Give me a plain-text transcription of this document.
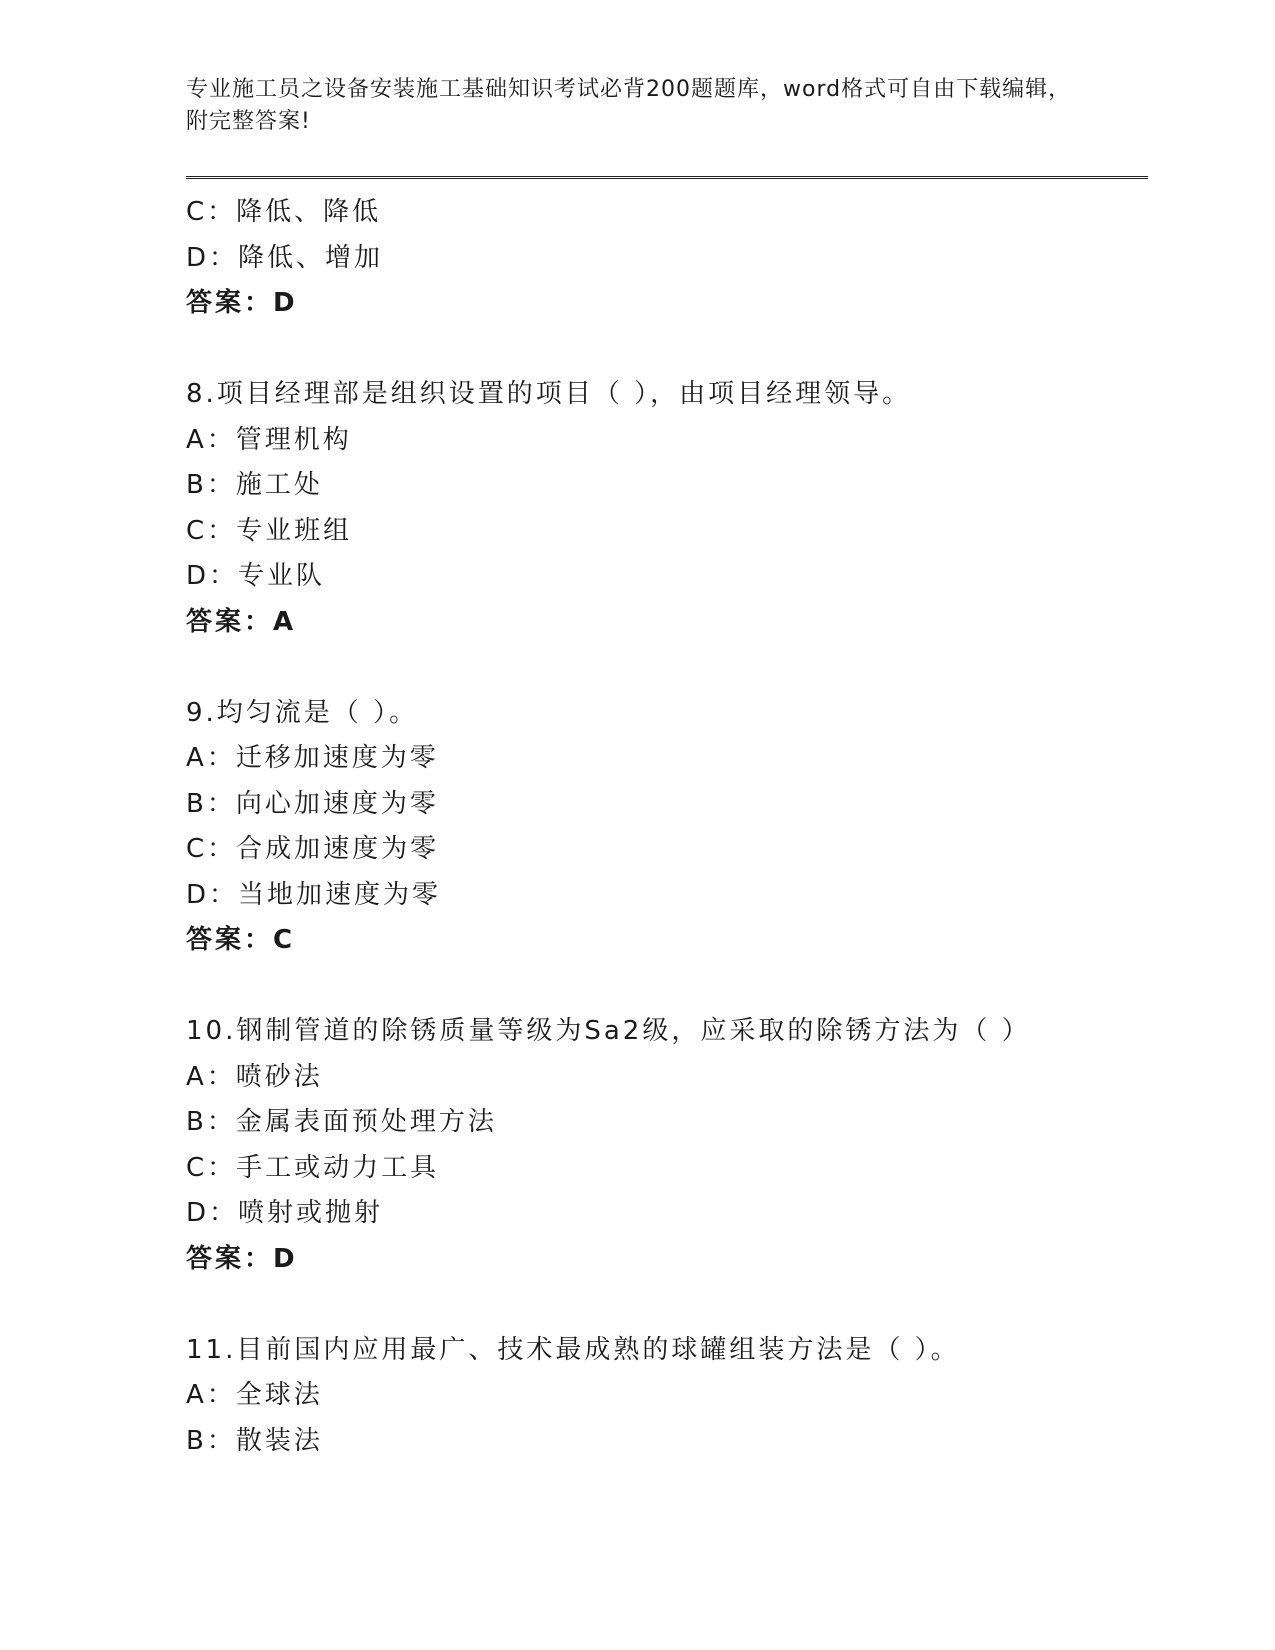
专业施工员之设备安装施工基础知识考试必背200题题库，word格式可自由下载编辑，附完整答案!
C：降低、降低
D：降低、增加
答案：D
8.项目经理部是组织设置的项目（ ），由项目经理领导。
A：管理机构
B：施工处
C：专业班组
D：专业队
答案：A
9.均匀流是（ ）。
A：迁移加速度为零
B：向心加速度为零
C：合成加速度为零
D：当地加速度为零
答案：C
10.钢制管道的除锈质量等级为Sa2级，应采取的除锈方法为（ ）
A：喷砂法
B：金属表面预处理方法
C：手工或动力工具
D：喷射或抛射
答案：D
11.目前国内应用最广、技术最成熟的球罐组装方法是（ ）。
A：全球法
B：散装法
